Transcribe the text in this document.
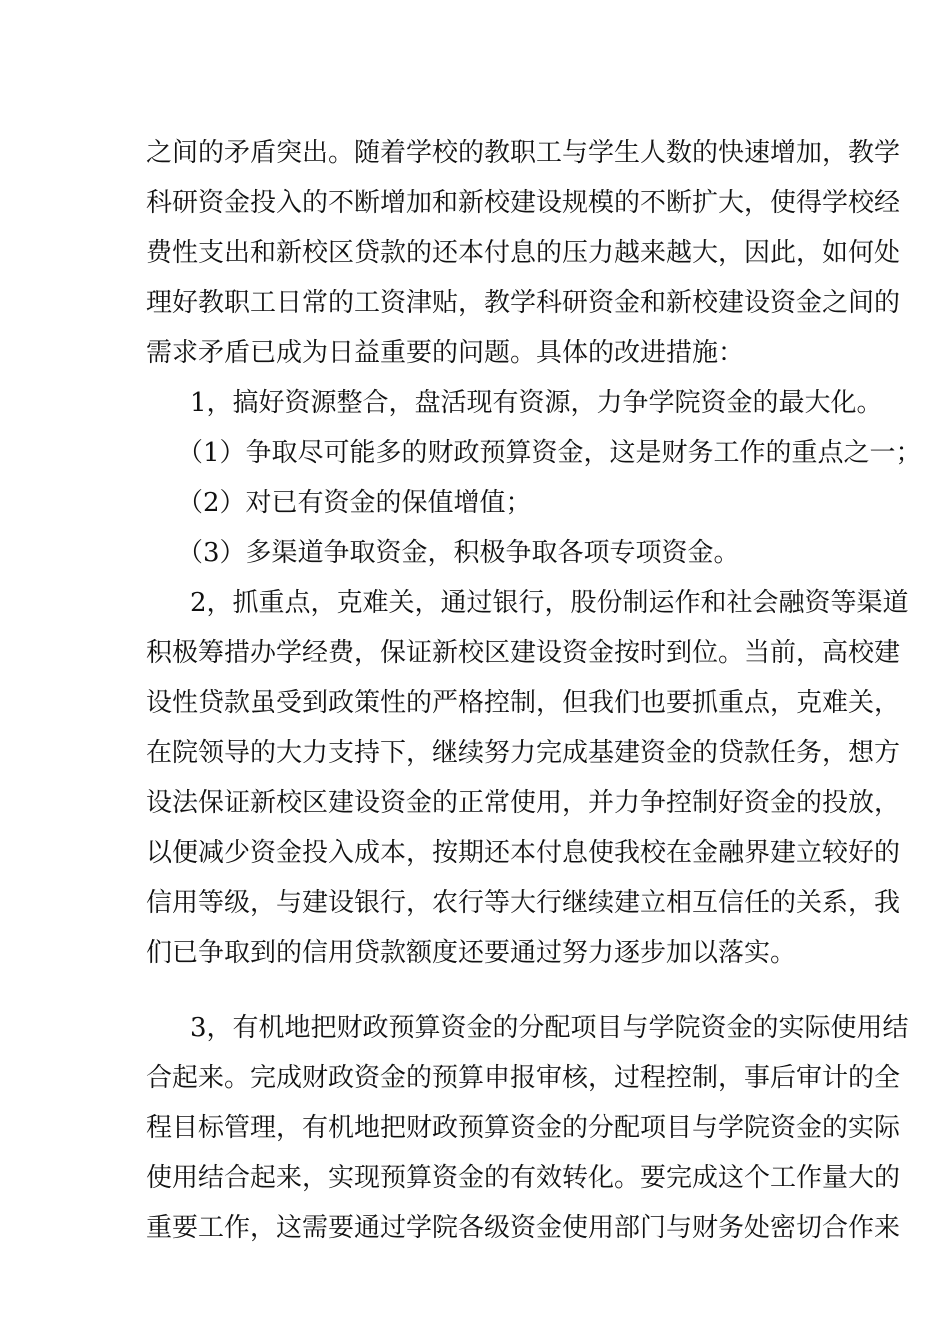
之间的矛盾突出。随着学校的教职工与学生人数的快速增加，教学
科研资金投入的不断增加和新校建设规模的不断扩大，使得学校经
费性支出和新校区贷款的还本付息的压力越来越大，因此，如何处
理好教职工日常的工资津贴，教学科研资金和新校建设资金之间的
需求矛盾已成为日益重要的问题。具体的改进措施：
1，搞好资源整合，盘活现有资源，力争学院资金的最大化。
（1）争取尽可能多的财政预算资金，这是财务工作的重点之一；
（2）对已有资金的保值增值；
（3）多渠道争取资金，积极争取各项专项资金。
2，抓重点，克难关，通过银行，股份制运作和社会融资等渠道
积极筹措办学经费，保证新校区建设资金按时到位。当前，高校建
设性贷款虽受到政策性的严格控制，但我们也要抓重点，克难关，
在院领导的大力支持下，继续努力完成基建资金的贷款任务，想方
设法保证新校区建设资金的正常使用，并力争控制好资金的投放，
以便减少资金投入成本，按期还本付息使我校在金融界建立较好的
信用等级，与建设银行，农行等大行继续建立相互信任的关系，我
们已争取到的信用贷款额度还要通过努力逐步加以落实。
3，有机地把财政预算资金的分配项目与学院资金的实际使用结
合起来。完成财政资金的预算申报审核，过程控制，事后审计的全
程目标管理，有机地把财政预算资金的分配项目与学院资金的实际
使用结合起来，实现预算资金的有效转化。要完成这个工作量大的
重要工作，这需要通过学院各级资金使用部门与财务处密切合作来
